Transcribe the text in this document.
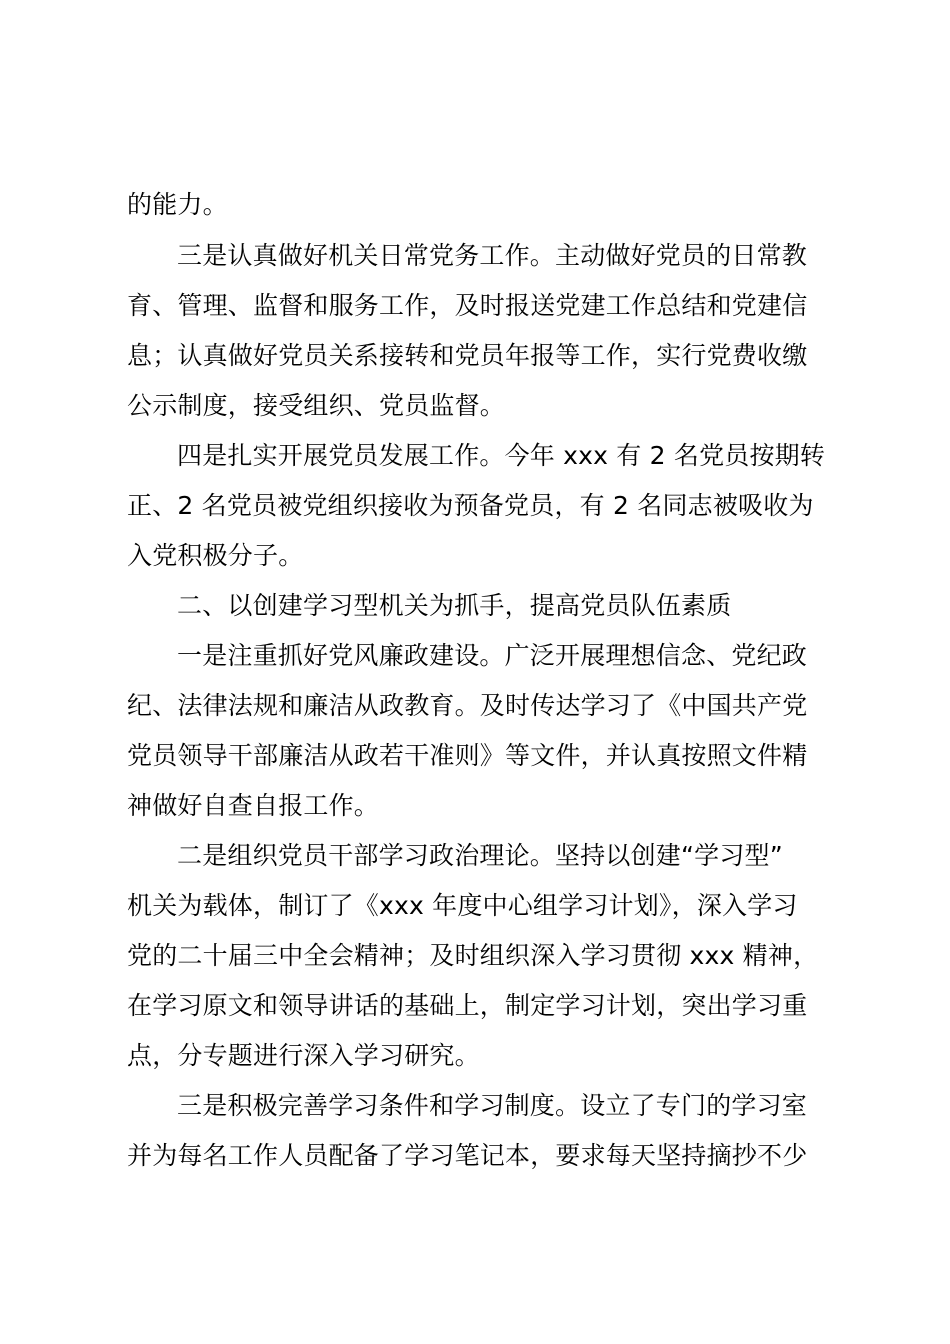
的能力。
三是认真做好机关日常党务工作。主动做好党员的日常教
育、管理、监督和服务工作，及时报送党建工作总结和党建信
息；认真做好党员关系接转和党员年报等工作，实行党费收缴
公示制度，接受组织、党员监督。
四是扎实开展党员发展工作。今年 xxx 有 2 名党员按期转
正、2 名党员被党组织接收为预备党员，有 2 名同志被吸收为
入党积极分子。
二、以创建学习型机关为抓手，提高党员队伍素质
一是注重抓好党风廉政建设。广泛开展理想信念、党纪政
纪、法律法规和廉洁从政教育。及时传达学习了《中国共产党
党员领导干部廉洁从政若干准则》等文件，并认真按照文件精
神做好自查自报工作。
二是组织党员干部学习政治理论。坚持以创建“学习型”
机关为载体，制订了《xxx 年度中心组学习计划》，深入学习
党的二十届三中全会精神；及时组织深入学习贯彻 xxx 精神，
在学习原文和领导讲话的基础上，制定学习计划，突出学习重
点，分专题进行深入学习研究。
三是积极完善学习条件和学习制度。设立了专门的学习室
并为每名工作人员配备了学习笔记本，要求每天坚持摘抄不少
